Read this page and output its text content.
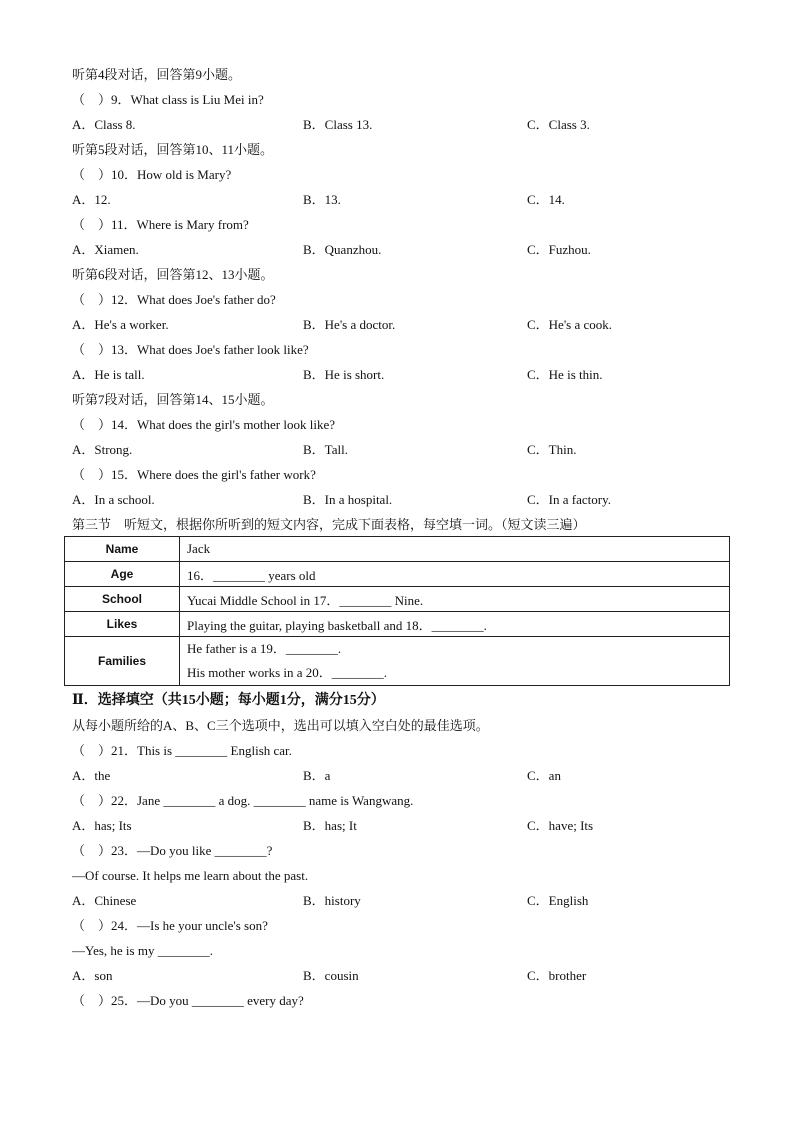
听第4段对话，回答第9小题。
（　）9．What class is Liu Mei in?
A．Class 8.	B．Class 13.	C．Class 3.
听第5段对话，回答第10、11小题。
（　）10．How old is Mary?
A．12.	B．13.	C．14.
（　）11．Where is Mary from?
A．Xiamen.	B．Quanzhou.	C．Fuzhou.
听第6段对话，回答第12、13小题。
（　）12．What does Joe's father do?
A．He's a worker.	B．He's a doctor.	C．He's a cook.
（　）13．What does Joe's father look like?
A．He is tall.	B．He is short.	C．He is thin.
听第7段对话，回答第14、15小题。
（　）14．What does the girl's mother look like?
A．Strong.	B．Tall.	C．Thin.
（　）15．Where does the girl's father work?
A．In a school.	B．In a hospital.	C．In a factory.
第三节　听短文，根据你所听到的短文内容，完成下面表格，每空填一词。（短文读三遍）
Name	Jack
Age	16．________ years old
School	Yucai Middle School in 17．________ Nine.
Likes	Playing the guitar, playing basketball and 18．________.
Families	He father is a 19．________.
His mother works in a 20．________.
Ⅱ．选择填空（共15小题；每小题1分，满分15分）
从每小题所给的A、B、C三个选项中，选出可以填入空白处的最佳选项。
（　）21．This is ________ English car.
A．the	B．a	C．an
（　）22．Jane ________ a dog. ________ name is Wangwang.
A．has; Its	B．has; It	C．have; Its
（　）23．—Do you like ________?
—Of course. It helps me learn about the past.
A．Chinese	B．history	C．English
（　）24．—Is he your uncle's son?
—Yes, he is my ________.
A．son	B．cousin	C．brother
（　）25．—Do you ________ every day?
